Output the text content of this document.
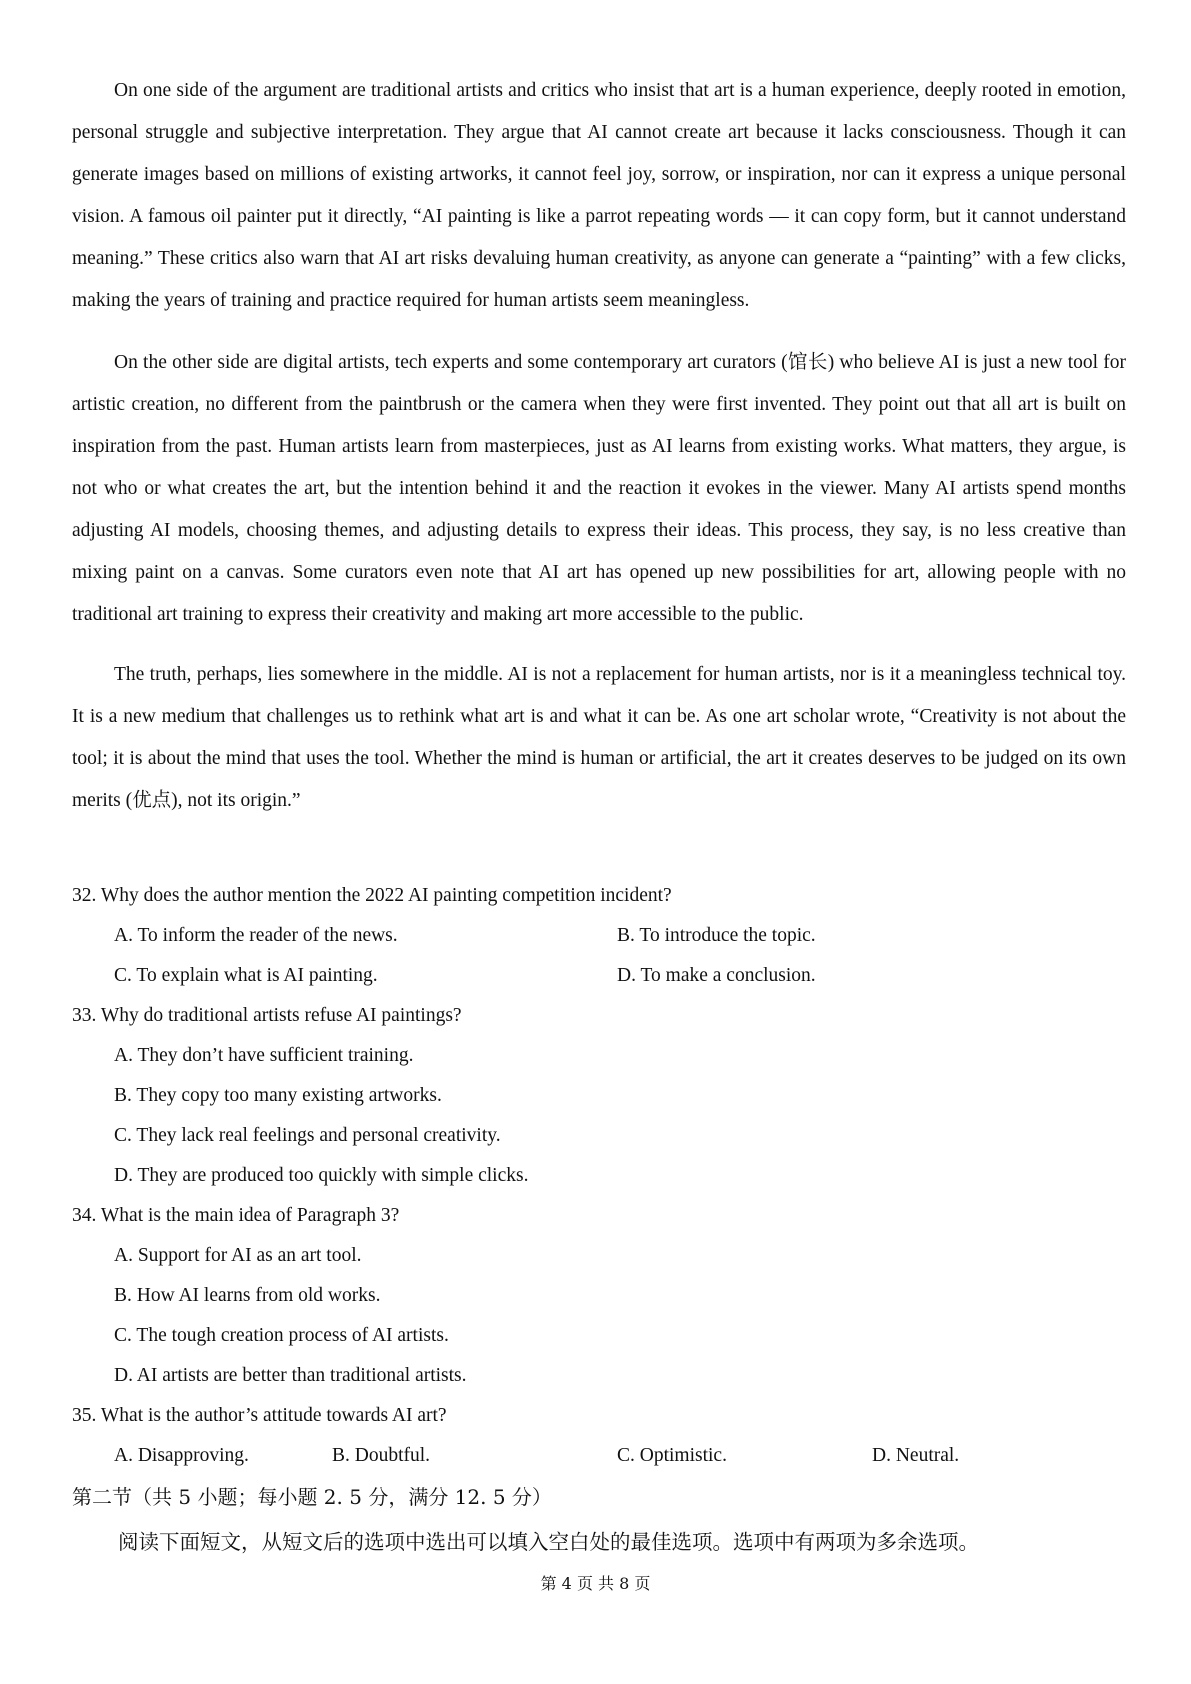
On one side of the argument are traditional artists and critics who insist that art is a human experience, deeply rooted in emotion, personal struggle and subjective interpretation. They argue that AI cannot create art because it lacks consciousness. Though it can generate images based on millions of existing artworks, it cannot feel joy, sorrow, or inspiration, nor can it express a unique personal vision. A famous oil painter put it directly, “AI painting is like a parrot repeating words — it can copy form, but it cannot understand meaning.” These critics also warn that AI art risks devaluing human creativity, as anyone can generate a “painting” with a few clicks, making the years of training and practice required for human artists seem meaningless.

On the other side are digital artists, tech experts and some contemporary art curators (馆长) who believe AI is just a new tool for artistic creation, no different from the paintbrush or the camera when they were first invented. They point out that all art is built on inspiration from the past. Human artists learn from masterpieces, just as AI learns from existing works. What matters, they argue, is not who or what creates the art, but the intention behind it and the reaction it evokes in the viewer. Many AI artists spend months adjusting AI models, choosing themes, and adjusting details to express their ideas. This process, they say, is no less creative than mixing paint on a canvas. Some curators even note that AI art has opened up new possibilities for art, allowing people with no traditional art training to express their creativity and making art more accessible to the public.

The truth, perhaps, lies somewhere in the middle. AI is not a replacement for human artists, nor is it a meaningless technical toy. It is a new medium that challenges us to rethink what art is and what it can be. As one art scholar wrote, “Creativity is not about the tool; it is about the mind that uses the tool. Whether the mind is human or artificial, the art it creates deserves to be judged on its own merits (优点), not its origin.”

32. Why does the author mention the 2022 AI painting competition incident?
A. To inform the reader of the news.	B. To introduce the topic.
C. To explain what is AI painting.	D. To make a conclusion.
33. Why do traditional artists refuse AI paintings?
A. They don’t have sufficient training.
B. They copy too many existing artworks.
C. They lack real feelings and personal creativity.
D. They are produced too quickly with simple clicks.
34. What is the main idea of Paragraph 3?
A. Support for AI as an art tool.
B. How AI learns from old works.
C. The tough creation process of AI artists.
D. AI artists are better than traditional artists.
35. What is the author’s attitude towards AI art?
A. Disapproving.	B. Doubtful.	C. Optimistic.	D. Neutral.
第二节（共 5 小题；每小题 2. 5 分，满分 12. 5 分）
阅读下面短文，从短文后的选项中选出可以填入空白处的最佳选项。选项中有两项为多余选项。
第 4 页 共 8 页
